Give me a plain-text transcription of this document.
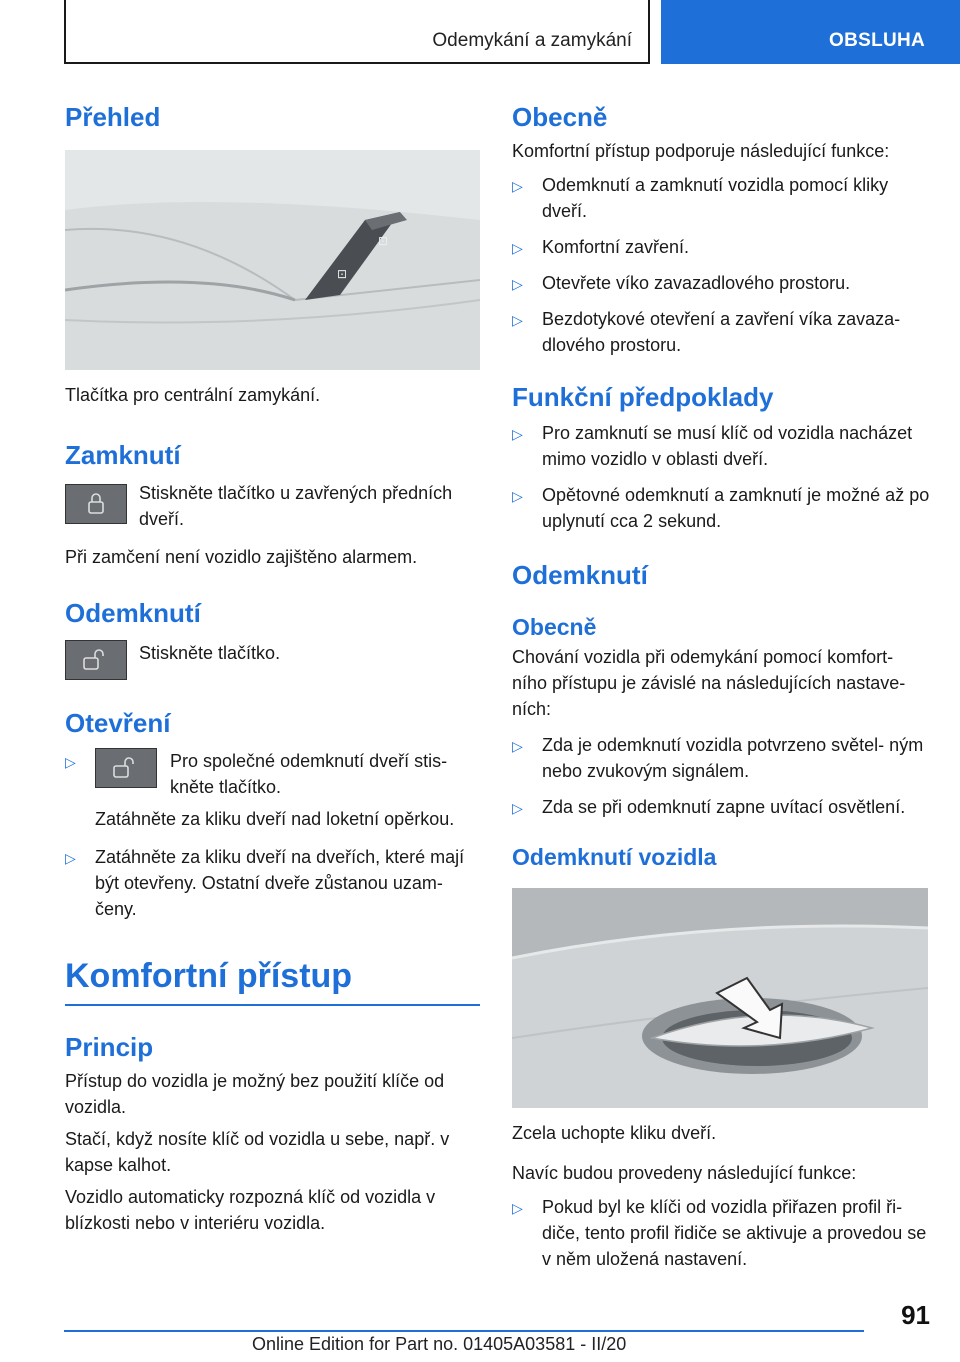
Odemykání a zamykání	OBSLUHA
Přehled
⊡
⊡

Tlačítka pro centrální zamykání.

Zamknutí
Stiskněte tlačítko u zavřených předních dveří.

Při zamčení není vozidlo zajištěno alarmem.

Odemknutí
Stiskněte tlačítko.
Otevření
▷	Pro společné odemknutí dveří stis‐ kněte tlačítko.
Zatáhněte za kliku dveří nad loketní opěrkou.
▷ Zatáhněte za kliku dveří na dveřích, které mají být otevřeny. Ostatní dveře zůstanou uzam‐ čeny.
Komfortní přístup
Princip

Přístup do vozidla je možný bez použití klíče od vozidla.

Stačí, když nosíte klíč od vozidla u sebe, např. v kapse kalhot.

Vozidlo automaticky rozpozná klíč od vozidla v blízkosti nebo v interiéru vozidla.

Obecně

Komfortní přístup podporuje následující funkce:

▷ Odemknutí a zamknutí vozidla pomocí kliky dveří.
▷ Komfortní zavření.
▷ Otevřete víko zavazadlového prostoru.
▷ Bezdotykové otevření a zavření víka zavaza‐ dlového prostoru.
Funkční předpoklady
▷ Pro zamknutí se musí klíč od vozidla nacházet mimo vozidlo v oblasti dveří.
▷ Opětovné odemknutí a zamknutí je možné až po uplynutí cca 2 sekund.
Odemknutí
Obecně

Chování vozidla při odemykání pomocí komfort‐ ního přístupu je závislé na následujících nastave‐ ních:

▷ Zda je odemknutí vozidla potvrzeno světel‐ ným nebo zvukovým signálem.
▷ Zda se při odemknutí zapne uvítací osvětlení.
Odemknutí vozidla

Zcela uchopte kliku dveří.

Navíc budou provedeny následující funkce:

▷ Pokud byl ke klíči od vozidla přiřazen profil ři‐ diče, tento profil řidiče se aktivuje a provedou se v něm uložená nastavení.
91
Online Edition for Part no. 01405A03581 - II/20
